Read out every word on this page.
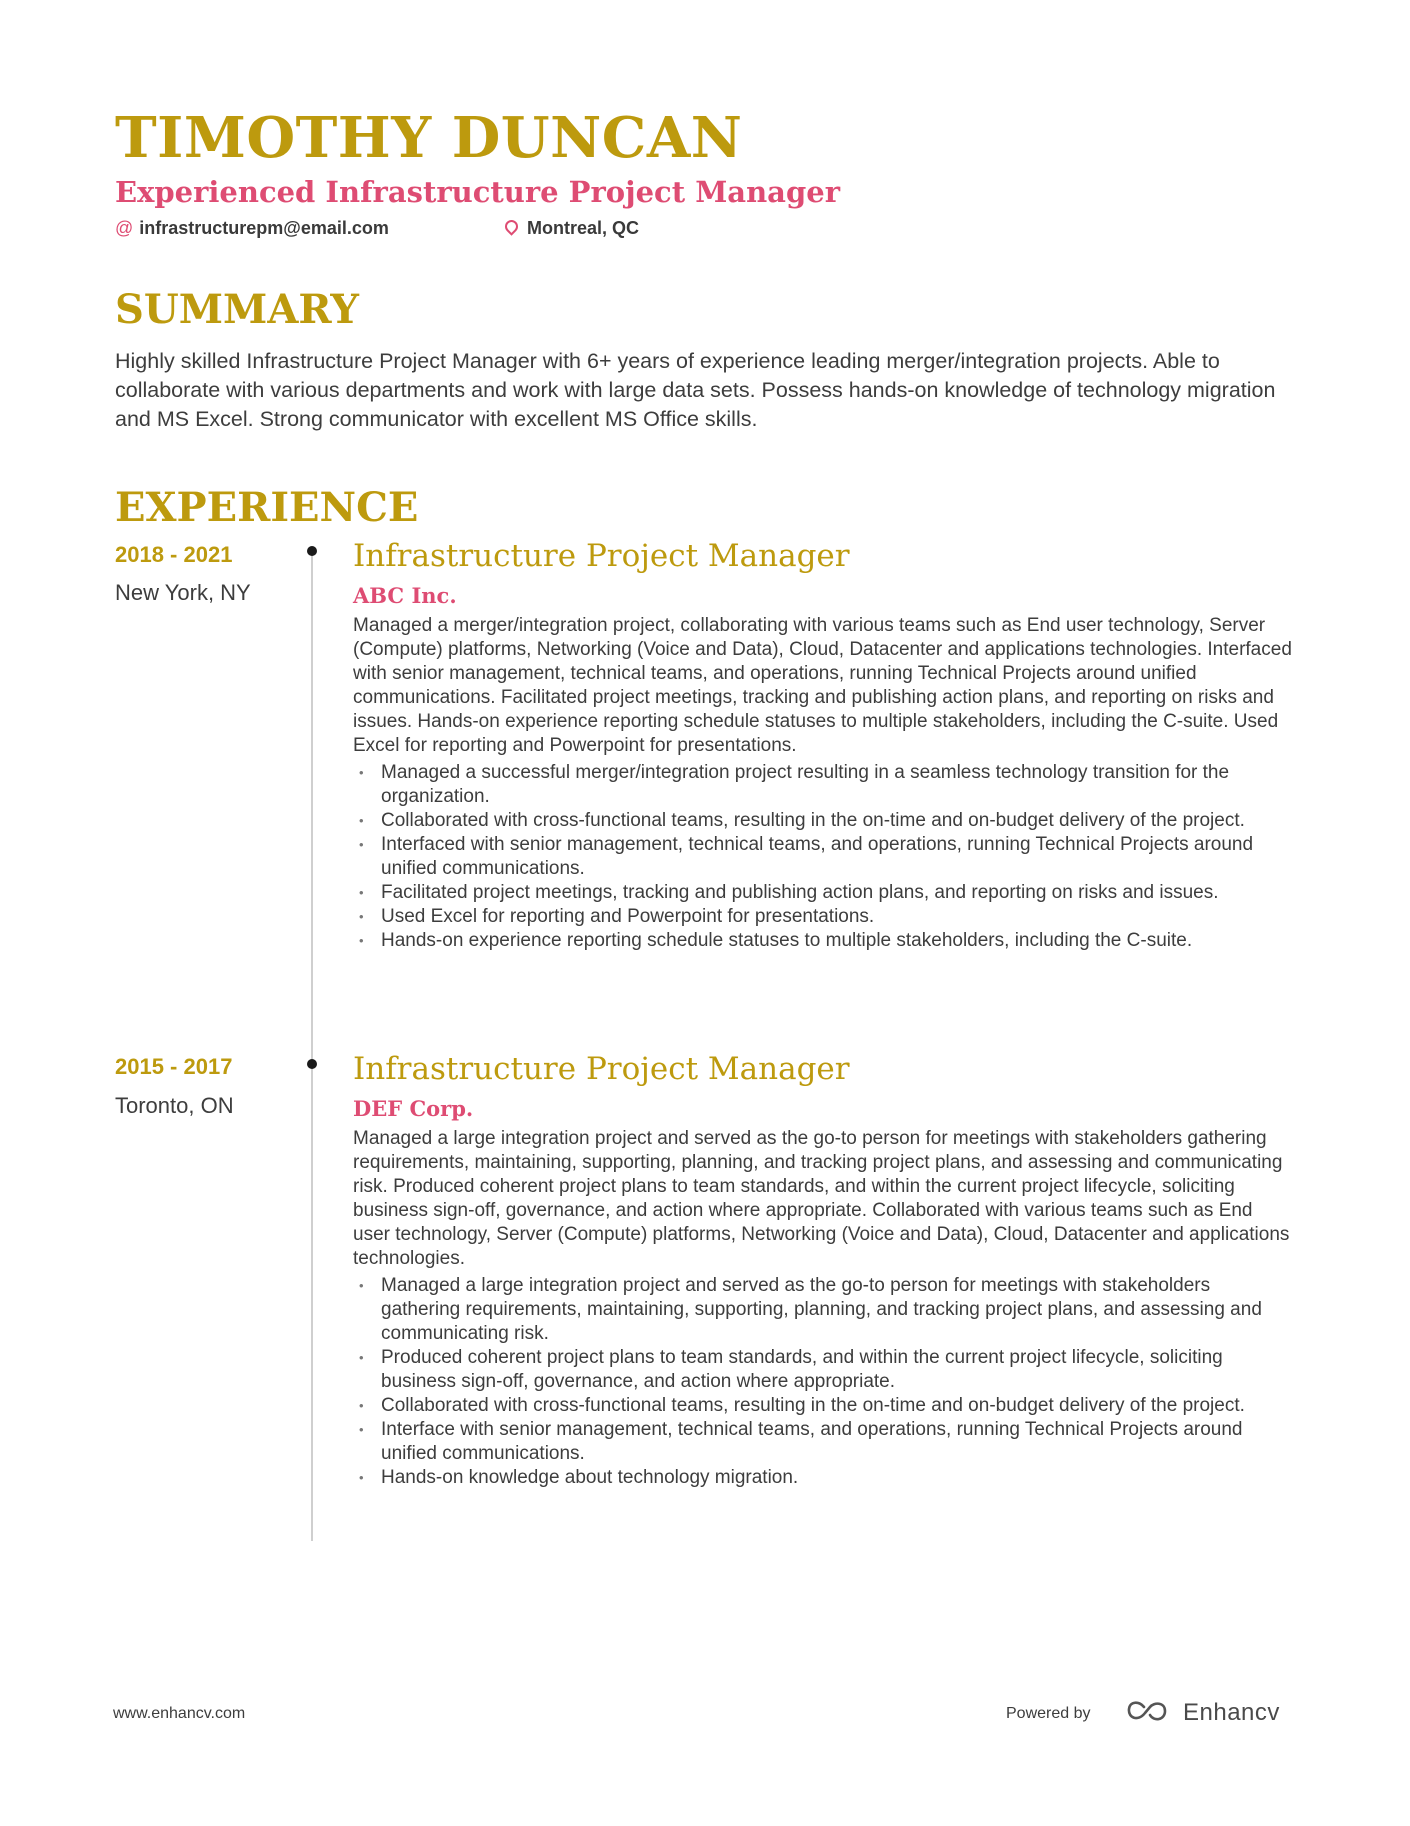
TIMOTHY DUNCAN
Experienced Infrastructure Project Manager
@ infrastructurepm@email.com	Montreal, QC
SUMMARY

Highly skilled Infrastructure Project Manager with 6+ years of experience leading merger/integration projects. Able to collaborate with various departments and work with large data sets. Possess hands-on knowledge of technology migration and MS Excel. Strong communicator with excellent MS Office skills.

EXPERIENCE
2018 - 2021
New York, NY
Infrastructure Project Manager
ABC Inc.

Managed a merger/integration project, collaborating with various teams such as End user technology, Server (Compute) platforms, Networking (Voice and Data), Cloud, Datacenter and applications technologies. Interfaced with senior management, technical teams, and operations, running Technical Projects around unified communications. Facilitated project meetings, tracking and publishing action plans, and reporting on risks and issues. Hands-on experience reporting schedule statuses to multiple stakeholders, including the C-suite. Used Excel for reporting and Powerpoint for presentations.

• Managed a successful merger/integration project resulting in a seamless technology transition for the organization.
• Collaborated with cross-functional teams, resulting in the on-time and on-budget delivery of the project.
• Interfaced with senior management, technical teams, and operations, running Technical Projects around unified communications.
• Facilitated project meetings, tracking and publishing action plans, and reporting on risks and issues.
• Used Excel for reporting and Powerpoint for presentations.
• Hands-on experience reporting schedule statuses to multiple stakeholders, including the C-suite.
2015 - 2017
Toronto, ON
Infrastructure Project Manager
DEF Corp.

Managed a large integration project and served as the go-to person for meetings with stakeholders gathering requirements, maintaining, supporting, planning, and tracking project plans, and assessing and communicating risk. Produced coherent project plans to team standards, and within the current project lifecycle, soliciting business sign-off, governance, and action where appropriate. Collaborated with various teams such as End user technology, Server (Compute) platforms, Networking (Voice and Data), Cloud, Datacenter and applications technologies.

• Managed a large integration project and served as the go-to person for meetings with stakeholders gathering requirements, maintaining, supporting, planning, and tracking project plans, and assessing and communicating risk.
• Produced coherent project plans to team standards, and within the current project lifecycle, soliciting business sign-off, governance, and action where appropriate.
• Collaborated with cross-functional teams, resulting in the on-time and on-budget delivery of the project.
• Interface with senior management, technical teams, and operations, running Technical Projects around unified communications.
• Hands-on knowledge about technology migration.
www.enhancv.com	Powered by	Enhancv
